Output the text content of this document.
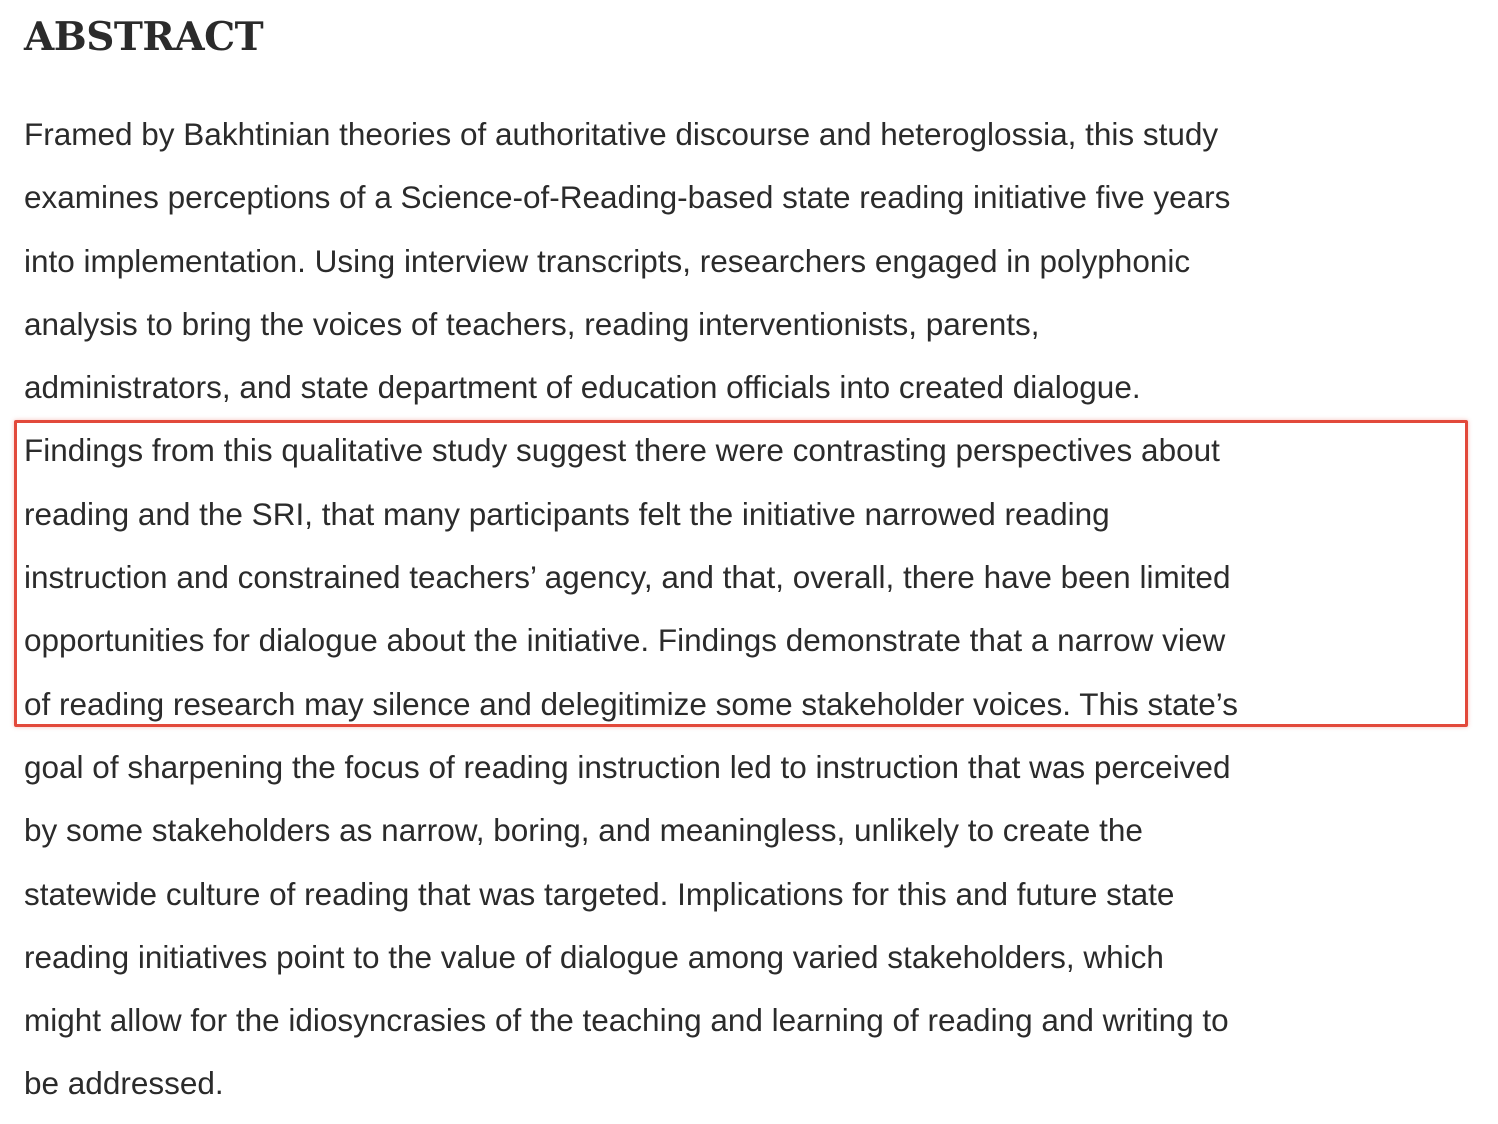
ABSTRACT

Framed by Bakhtinian theories of authoritative discourse and heteroglossia, this study
examines perceptions of a Science-of-Reading-based state reading initiative five years
into implementation. Using interview transcripts, researchers engaged in polyphonic
analysis to bring the voices of teachers, reading interventionists, parents,
administrators, and state department of education officials into created dialogue.
Findings from this qualitative study suggest there were contrasting perspectives about
reading and the SRI, that many participants felt the initiative narrowed reading
instruction and constrained teachers’ agency, and that, overall, there have been limited
opportunities for dialogue about the initiative. Findings demonstrate that a narrow view
of reading research may silence and delegitimize some stakeholder voices. This state’s
goal of sharpening the focus of reading instruction led to instruction that was perceived
by some stakeholders as narrow, boring, and meaningless, unlikely to create the
statewide culture of reading that was targeted. Implications for this and future state
reading initiatives point to the value of dialogue among varied stakeholders, which
might allow for the idiosyncrasies of the teaching and learning of reading and writing to
be addressed.
